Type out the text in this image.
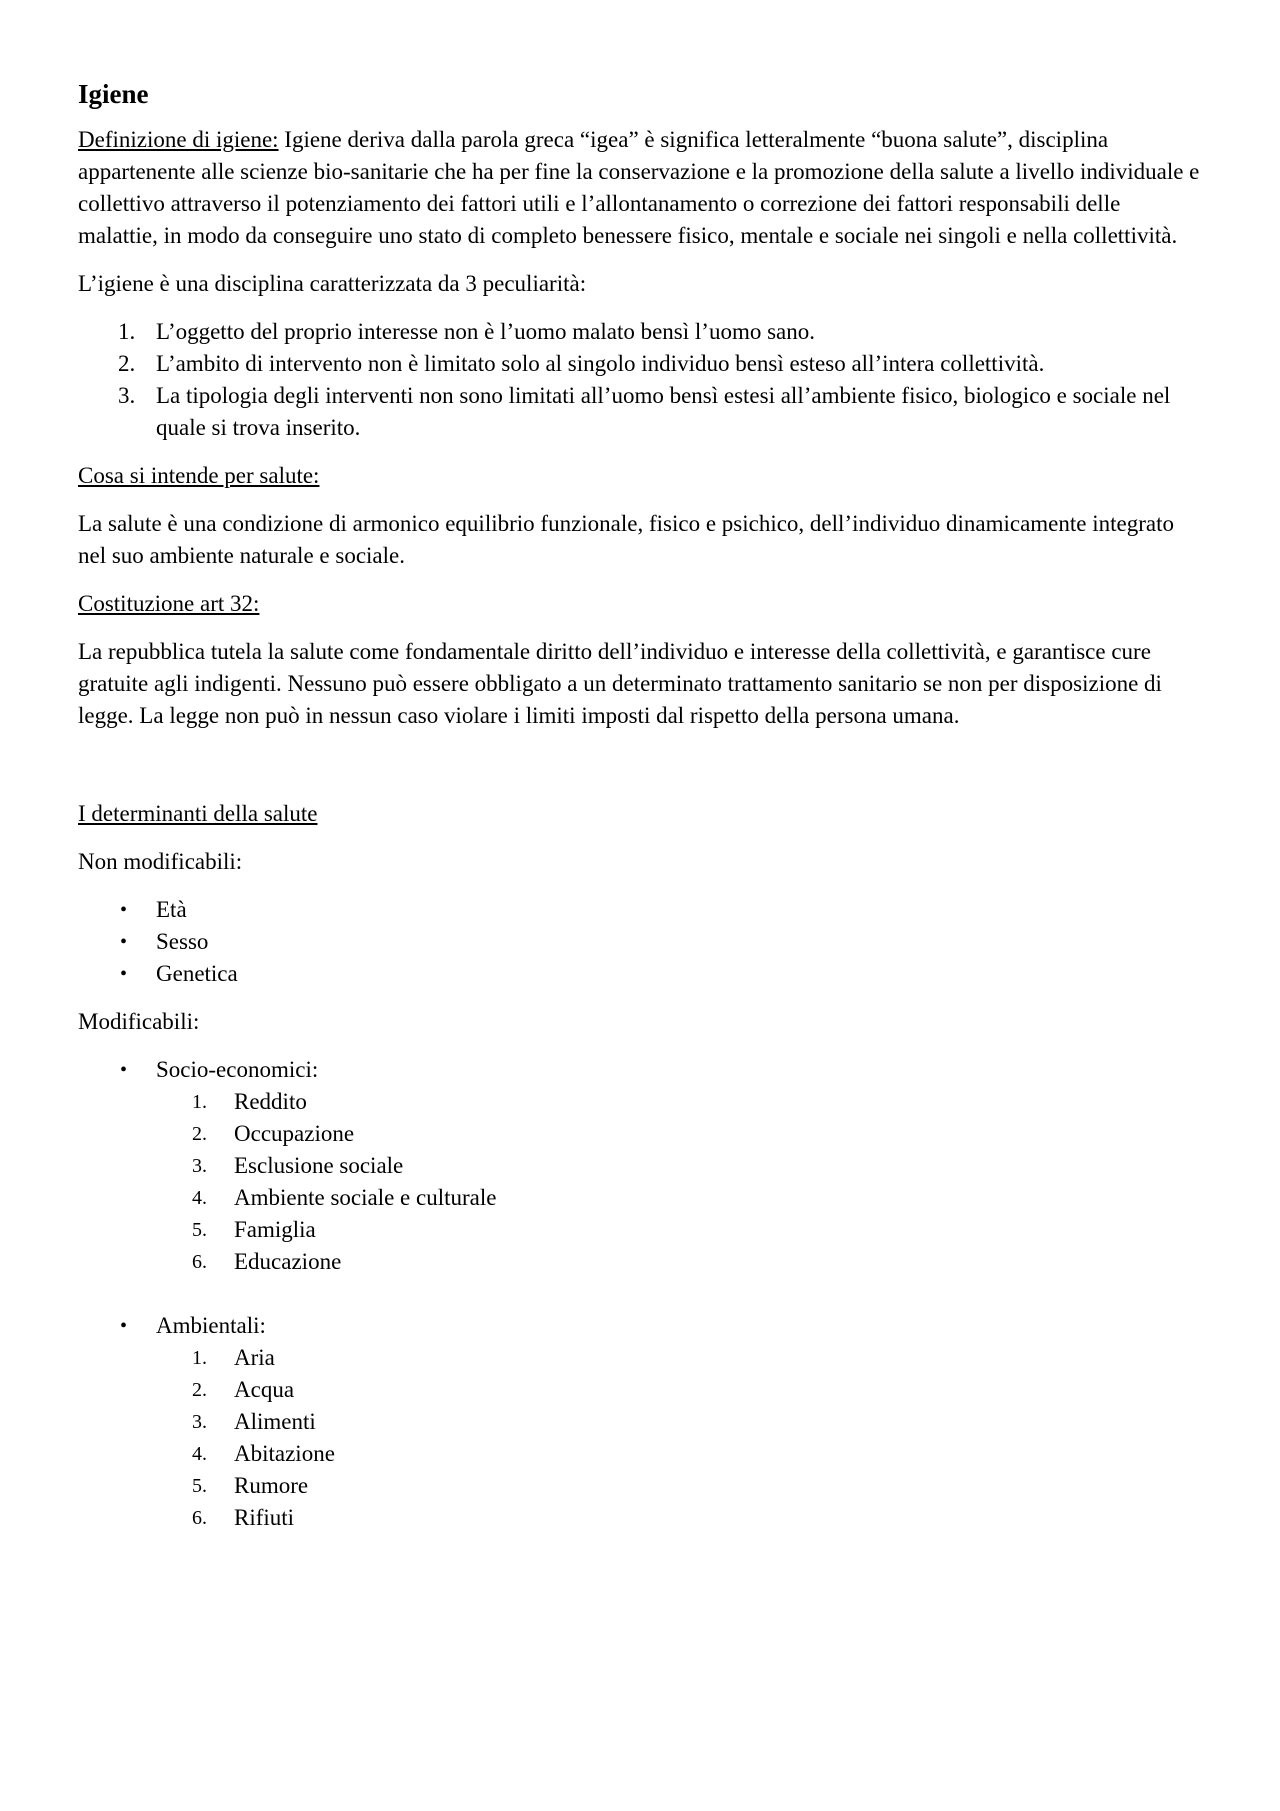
Igiene

Definizione di igiene: Igiene deriva dalla parola greca “igea” è significa letteralmente “buona salute”, disciplina appartenente alle scienze bio-sanitarie che ha per fine la conservazione e la promozione della salute a livello individuale e collettivo attraverso il potenziamento dei fattori utili e l’allontanamento o correzione dei fattori responsabili delle malattie, in modo da conseguire uno stato di completo benessere fisico, mentale e sociale nei singoli e nella collettività.

L’igiene è una disciplina caratterizzata da 3 peculiarità:

1. L’oggetto del proprio interesse non è l’uomo malato bensì l’uomo sano.
2. L’ambito di intervento non è limitato solo al singolo individuo bensì esteso all’intera collettività.
3. La tipologia degli interventi non sono limitati all’uomo bensì estesi all’ambiente fisico, biologico e sociale nel quale si trova inserito.

Cosa si intende per salute:

La salute è una condizione di armonico equilibrio funzionale, fisico e psichico, dell’individuo dinamicamente integrato nel suo ambiente naturale e sociale.

Costituzione art 32:

La repubblica tutela la salute come fondamentale diritto dell’individuo e interesse della collettività, e garantisce cure gratuite agli indigenti. Nessuno può essere obbligato a un determinato trattamento sanitario se non per disposizione di legge. La legge non può in nessun caso violare i limiti imposti dal rispetto della persona umana.

I determinanti della salute

Non modificabili:

•	Età
•	Sesso
•	Genetica

Modificabili:

•	Socio-economici:
1.	Reddito
2.	Occupazione
3.	Esclusione sociale
4.	Ambiente sociale e culturale
5.	Famiglia
6.	Educazione
•	Ambientali:
1.	Aria
2.	Acqua
3.	Alimenti
4.	Abitazione
5.	Rumore
6.	Rifiuti
